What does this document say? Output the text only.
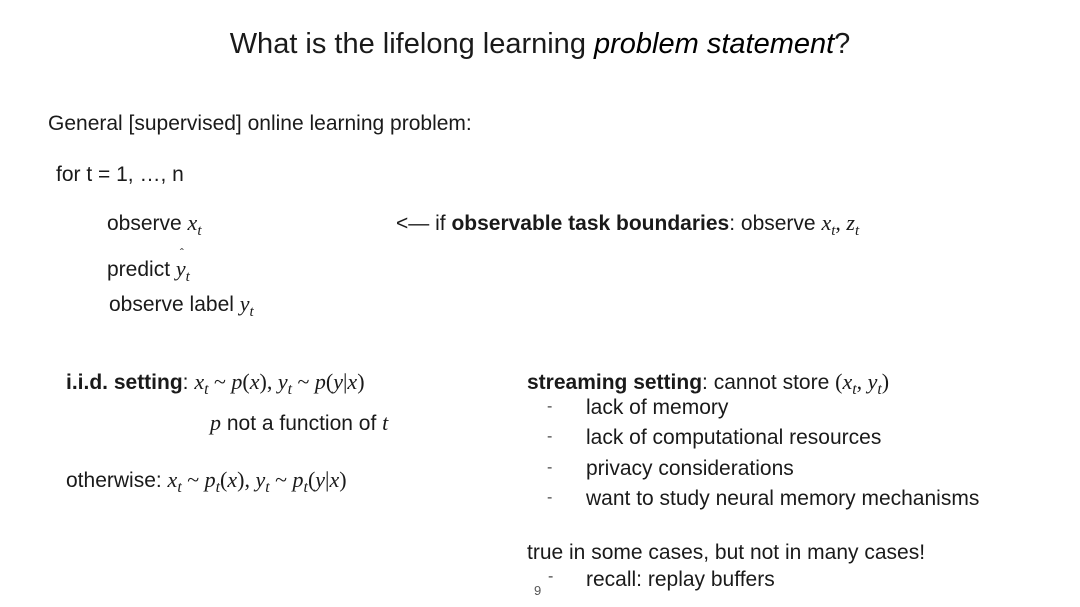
What is the lifelong learning problem statement?
General [supervised] online learning problem:
for t = 1, …, n
observe $x_t$
predict
ˆ
$y_t$
observe label $y_t$
<— if observable task boundaries: observe $x_t$, $z_t$
i.i.d. setting: $x_t$ ~ p(x), $y_t$ ~ p(y|x)
p not a function of t
otherwise: $x_t$ ~ $p_t(x)$, $y_t$ ~ $p_t(y|x)$
streaming setting: cannot store ($x_t$, $y_t$)
- lack of memory
- lack of computational resources
- privacy considerations
- want to study neural memory mechanisms
true in some cases, but not in many cases!
- recall: replay buffers
9
